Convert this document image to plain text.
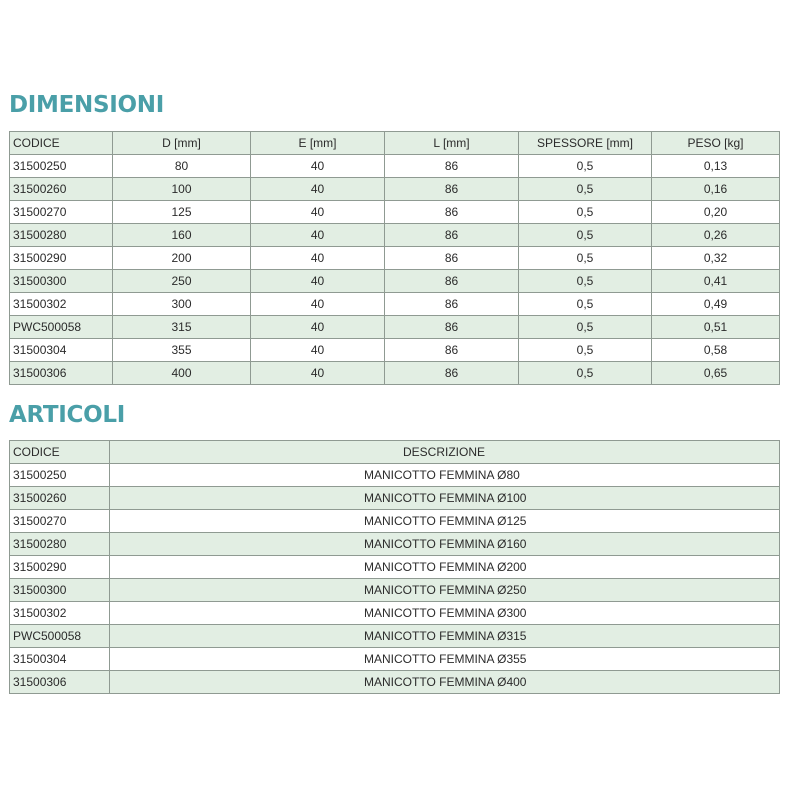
DIMENSIONI
CODICE	D [mm]	E [mm]	L [mm]	SPESSORE [mm]	PESO [kg]
31500250	80	40	86	0,5	0,13
31500260	100	40	86	0,5	0,16
31500270	125	40	86	0,5	0,20
31500280	160	40	86	0,5	0,26
31500290	200	40	86	0,5	0,32
31500300	250	40	86	0,5	0,41
31500302	300	40	86	0,5	0,49
PWC500058	315	40	86	0,5	0,51
31500304	355	40	86	0,5	0,58
31500306	400	40	86	0,5	0,65
ARTICOLI
CODICE	DESCRIZIONE
31500250	MANICOTTO FEMMINA Ø80
31500260	MANICOTTO FEMMINA Ø100
31500270	MANICOTTO FEMMINA Ø125
31500280	MANICOTTO FEMMINA Ø160
31500290	MANICOTTO FEMMINA Ø200
31500300	MANICOTTO FEMMINA Ø250
31500302	MANICOTTO FEMMINA Ø300
PWC500058	MANICOTTO FEMMINA Ø315
31500304	MANICOTTO FEMMINA Ø355
31500306	MANICOTTO FEMMINA Ø400
